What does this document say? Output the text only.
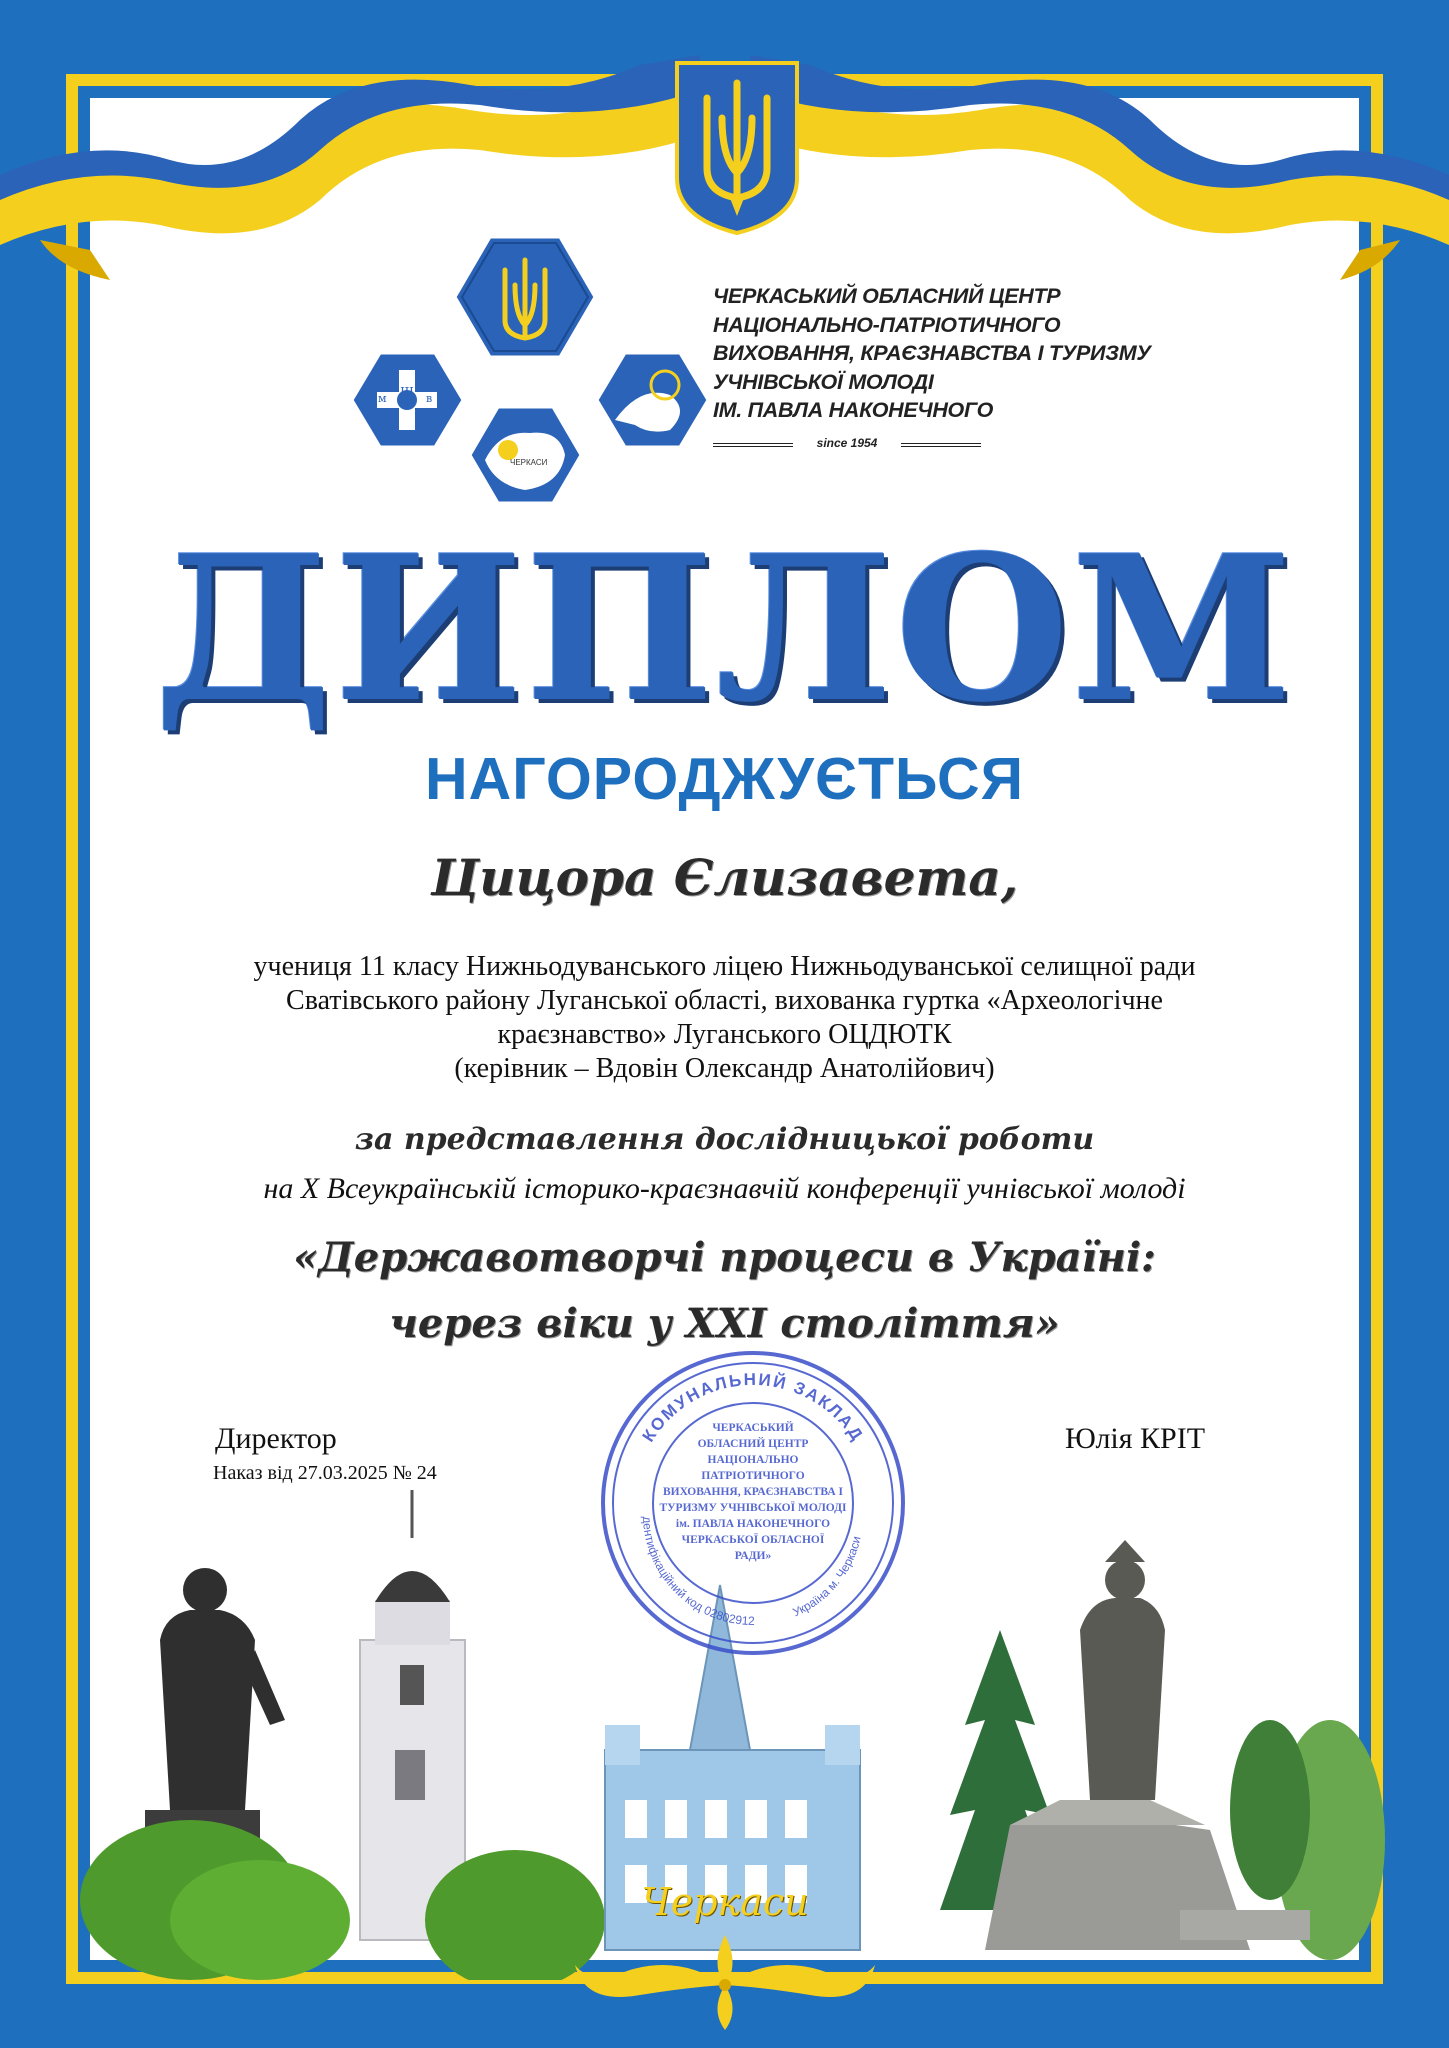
Ш
м	в
ЧЕРКАСИ
ЧЕРКАСЬКИЙ ОБЛАСНИЙ ЦЕНТР
НАЦІОНАЛЬНО-ПАТРІОТИЧНОГО
ВИХОВАННЯ, КРАЄЗНАВСТВА І ТУРИЗМУ
УЧНІВСЬКОЇ МОЛОДІ
ІМ. ПАВЛА НАКОНЕЧНОГО
since 1954
ДИПЛОМ
НАГОРОДЖУЄТЬСЯ
Цицора Єлизавета,
учениця 11 класу Нижньодуванського ліцею Нижньодуванської селищної ради
Сватівського району Луганської області, вихованка гуртка «Археологічне
краєзнавство» Луганського ОЦДЮТК
(керівник – Вдовін Олександр Анатолійович)
за представлення дослідницької роботи
на X Всеукраїнській історико-краєзнавчій конференції учнівської молоді
«Державотворчі процеси в Україні:
через віки у XXI століття»
КОМУНАЛЬНИЙ ЗАКЛАД
дентифікаційний код 02802912
Україна м. Черкаси
ЧЕРКАСЬКИЙ
ОБЛАСНИЙ ЦЕНТР
НАЦІОНАЛЬНО
ПАТРІОТИЧНОГО
ВИХОВАННЯ, КРАЄЗНАВСТВА І
ТУРИЗМУ УЧНІВСЬКОЇ МОЛОДІ
ім. ПАВЛА НАКОНЕЧНОГО
ЧЕРКАСЬКОЇ ОБЛАСНОЇ
РАДИ»
Директор
Наказ від 27.03.2025 № 24
Юлія КРІТ
Черкаси
